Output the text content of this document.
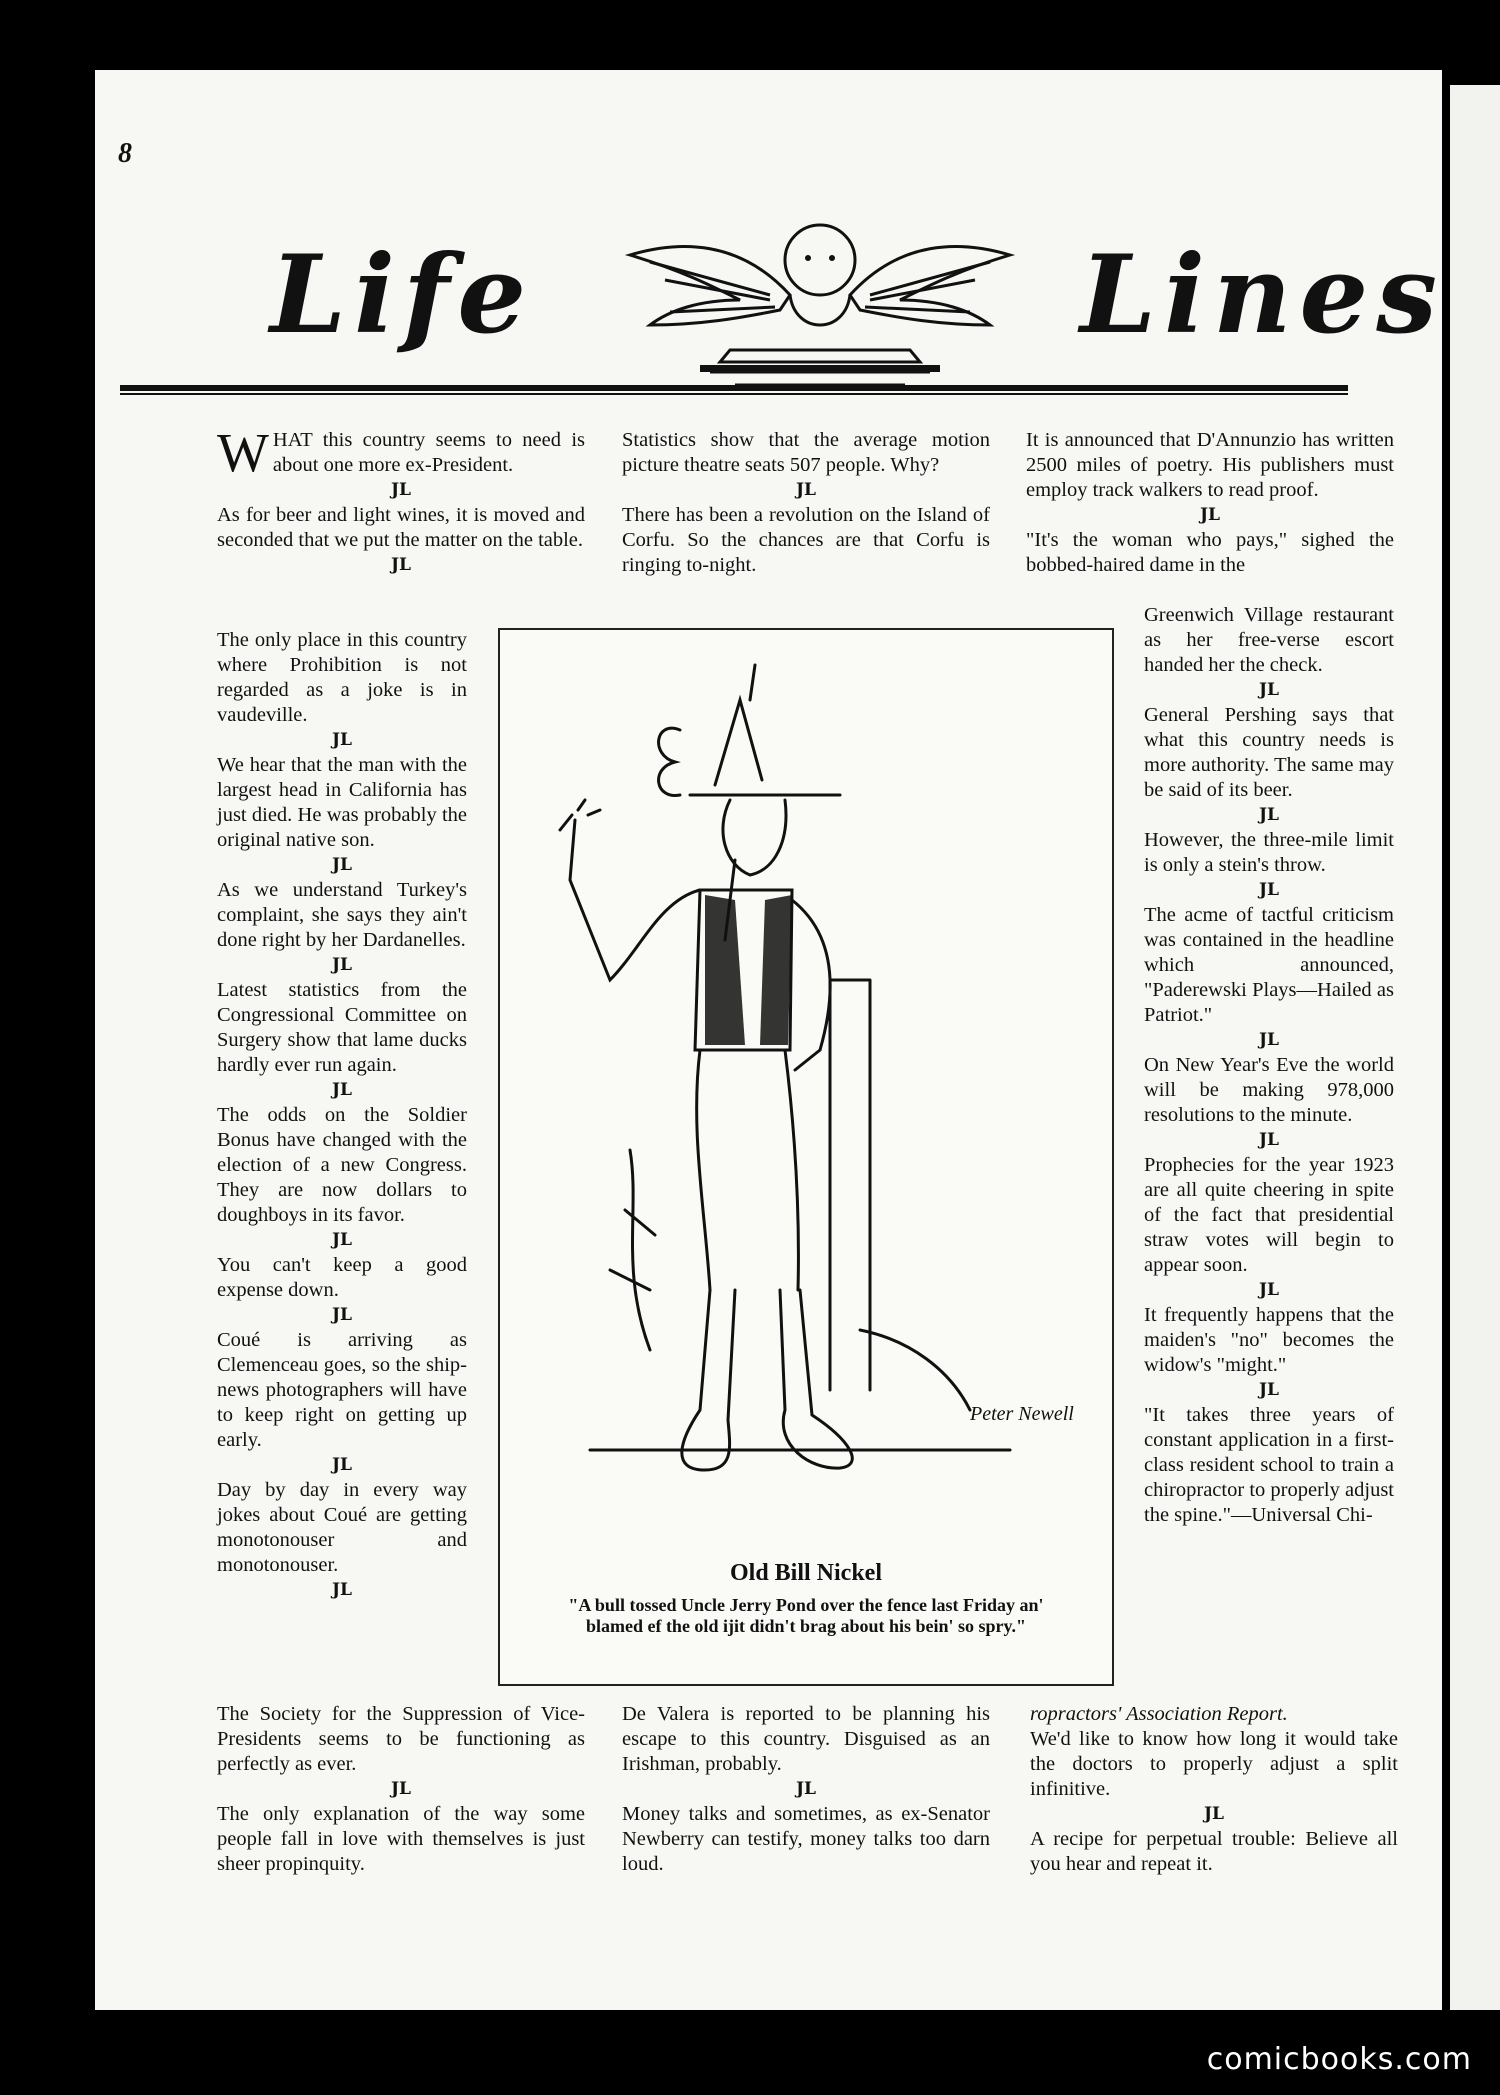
8
Life	Lines

WHAT this country seems to need is about one more ex-President.

JL

As for beer and light wines, it is moved and seconded that we put the matter on the table.

JL

The only place in this country where Prohibition is not regarded as a joke is in vaudeville.

JL

We hear that the man with the largest head in California has just died. He was probably the original native son.

JL

As we understand Turkey's complaint, she says they ain't done right by her Dardanelles.

JL

Latest statistics from the Congressional Committee on Surgery show that lame ducks hardly ever run again.

JL

The odds on the Soldier Bonus have changed with the election of a new Congress. They are now dollars to doughboys in its favor.

JL

You can't keep a good expense down.

JL

Coué is arriving as Clemenceau goes, so the ship-news photographers will have to keep right on getting up early.

JL

Day by day in every way jokes about Coué are getting monotonouser and monotonouser.

JL

The Society for the Suppression of Vice-Presidents seems to be functioning as perfectly as ever.

JL

The only explanation of the way some people fall in love with themselves is just sheer propinquity.

Statistics show that the average motion picture theatre seats 507 people. Why?

JL

There has been a revolution on the Island of Corfu. So the chances are that Corfu is ringing to-night.

De Valera is reported to be planning his escape to this country. Disguised as an Irishman, probably.

JL

Money talks and sometimes, as ex-Senator Newberry can testify, money talks too darn loud.

It is announced that D'Annunzio has written 2500 miles of poetry. His publishers must employ track walkers to read proof.

JL

"It's the woman who pays," sighed the bobbed-haired dame in the

Greenwich Village restaurant as her free-verse escort handed her the check.

JL

General Pershing says that what this country needs is more authority. The same may be said of its beer.

JL

However, the three-mile limit is only a stein's throw.

JL

The acme of tactful criticism was contained in the headline which announced, "Paderewski Plays—Hailed as Patriot."

JL

On New Year's Eve the world will be making 978,000 resolutions to the minute.

JL

Prophecies for the year 1923 are all quite cheering in spite of the fact that presidential straw votes will begin to appear soon.

JL

It frequently happens that the maiden's "no" becomes the widow's "might."

JL

"It takes three years of constant application in a first-class resident school to train a chiropractor to properly adjust the spine."—Universal Chi-

ropractors' Association Report.

We'd like to know how long it would take the doctors to properly adjust a split infinitive.

JL

A recipe for perpetual trouble: Believe all you hear and repeat it.

Peter Newell
Old Bill Nickel
"A bull tossed Uncle Jerry Pond over the fence last Friday an' blamed ef the old ijit didn't brag about his bein' so spry."
comicbooks.com
